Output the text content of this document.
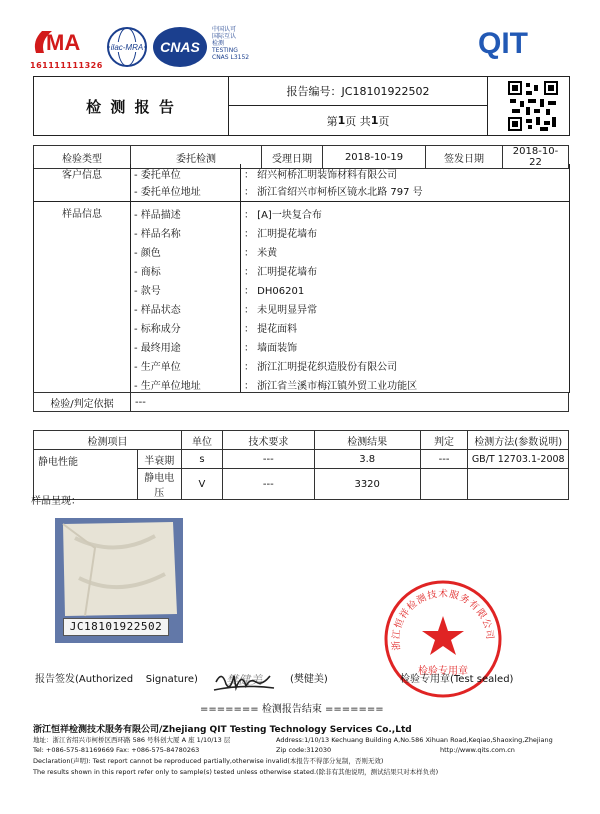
MA
161111111326
ilac-MRA CNAS
中国认可
国际互认
检测
TESTING
CNAS L3152	QIT
检 测 报 告
报告编号：JC18101922502
第 1 页 共 1 页
检验类型	委托检测	受理日期	2018-10-19	签发日期	2018-10-22
客户信息
样品信息
- 委托单位	： 绍兴柯桥汇明装饰材料有限公司
- 委托单位地址	： 浙江省绍兴市柯桥区镜水北路 797 号
- 样品描述	： [A]一块复合布
- 样品名称	： 汇明提花墙布
- 颜色	： 米黄
- 商标	： 汇明提花墙布
- 款号	： DH06201
- 样品状态	： 未见明显异常
- 标称成分	： 提花面料
- 最终用途	： 墙面装饰
- 生产单位	： 浙江汇明提花织造股份有限公司
- 生产单位地址	： 浙江省兰溪市梅江镇外贸工业功能区
检验/判定依据	---
检测项目		单位	技术要求	检测结果	判定	检测方法(参数说明)
静电性能	半衰期	s	---	3.8	---	GB/T 12703.1-2008
	静电电压	V	---	3320		
样品呈现：
JC18101922502
报告签发(Authorized    Signature) 樊健美	(樊健美)
浙江恒祥检测技术服务有限公司
检验专用章
检验专用章(Test sealed)
======= 检测报告结束 =======
浙江恒祥检测技术服务有限公司/Zhejiang QIT Testing Technology Services Co.,Ltd
地址：浙江省绍兴市柯桥区西环路 586 号科创大厦 A 座 1/10/13 层	Address:1/10/13 Kechuang Building A,No.586 Xihuan Road,Keqiao,Shaoxing,Zhejiang
Tel: +086-575-81169669 Fax: +086-575-84780263	Zip code:312030	http://www.qits.com.cn
Declaration(声明): Test report cannot be reproduced partially,otherwise invalid(本报告不得部分复制，否则无效)
The results shown in this report refer only to sample(s) tested unless otherwise stated.(除非有其他说明，测试结果只对本样负责)
